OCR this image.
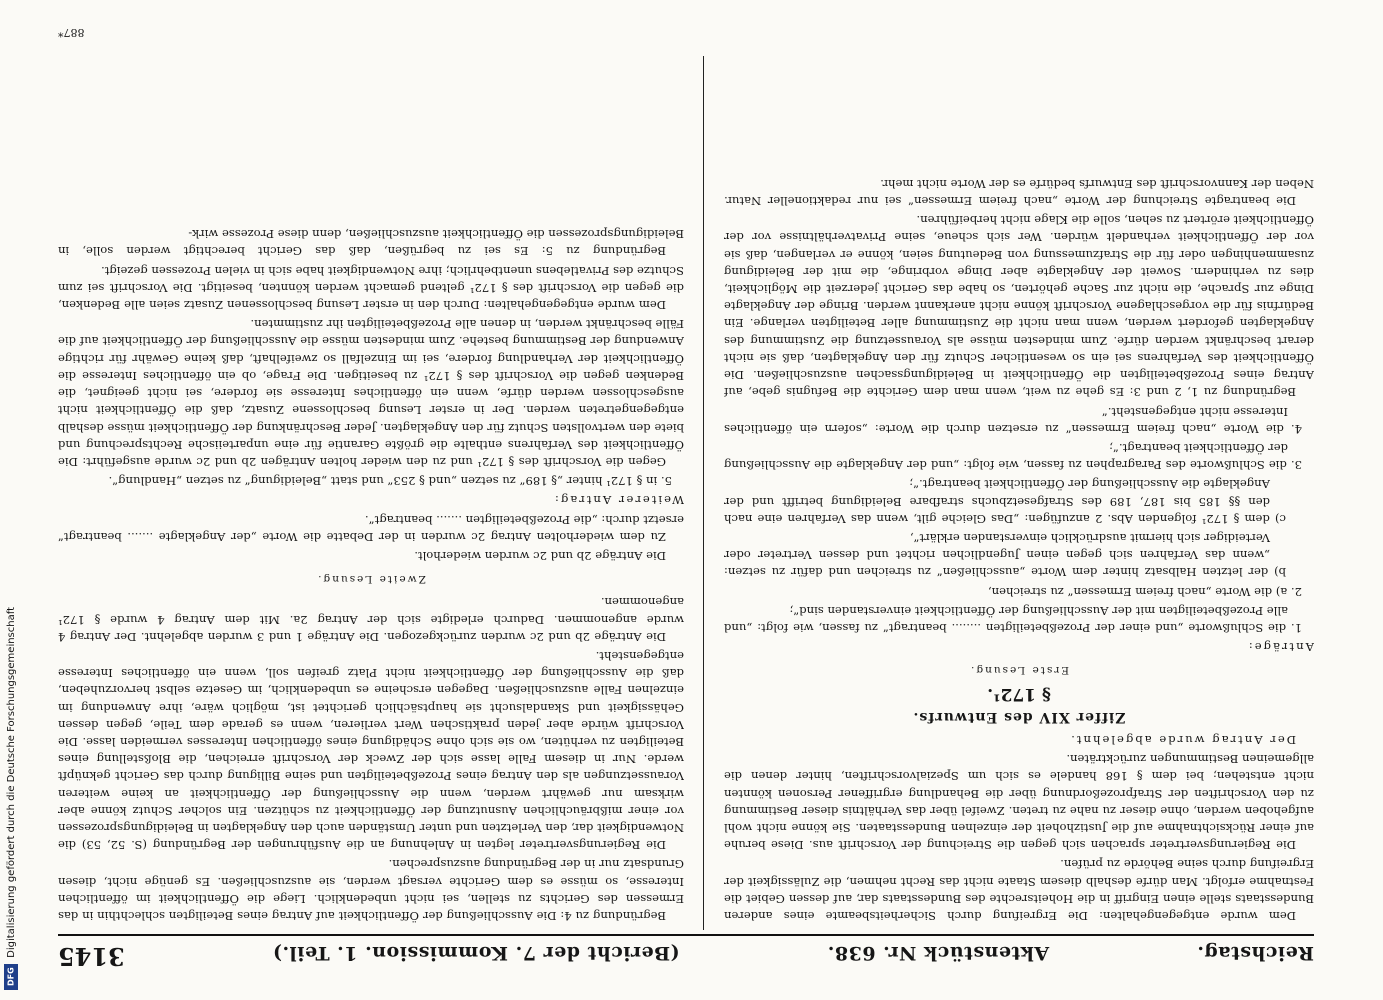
DFG
Digitalisierung gefördert durch die Deutsche Forschungsgemeinschaft	Reichstag.
Aktenstück Nr. 638.
(Bericht der 7. Kommission. 1. Teil.)
3145

Dem wurde entgegengehalten: Die Ergreifung durch Sicherheitsbeamte eines anderen Bundesstaats stelle einen Eingriff in die Hoheitsrechte des Bundesstaats dar, auf dessen Gebiet die Festnahme erfolgt. Man dürfe deshalb diesem Staate nicht das Recht nehmen, die Zulässigkeit der Ergreifung durch seine Behörde zu prüfen.

Die Regierungsvertreter sprachen sich gegen die Streichung der Vorschrift aus. Diese beruhe auf einer Rücksichtnahme auf die Justizhoheit der einzelnen Bundesstaaten. Sie könne nicht wohl aufgehoben werden, ohne dieser zu nahe zu treten. Zweifel über das Verhältnis dieser Bestimmung zu den Vorschriften der Strafprozeßordnung über die Behandlung ergriffener Personen könnten nicht entstehen; bei dem § 168 handele es sich um Spezialvorschriften, hinter denen die allgemeinen Bestimmungen zurückträten.

Der Antrag wurde abgelehnt.

Ziffer XIV des Entwurfs.

§ 172¹.

Erste Lesung.

Anträge:

1. die Schlußworte „und einer der Prozeßbeteiligten ........ beantragt“ zu fassen, wie folgt: „und alle Prozeßbeteiligten mit der Ausschließung der Öffentlichkeit einverstanden sind“;

2. a) die Worte „nach freiem Ermessen“ zu streichen,

b) der letzten Halbsatz hinter dem Worte „ausschließen“ zu streichen und dafür zu setzen: „wenn das Verfahren sich gegen einen Jugendlichen richtet und dessen Vertreter oder Verteidiger sich hiermit ausdrücklich einverstanden erklärt“,

c) dem § 172¹ folgenden Abs. 2 anzufügen: „Das Gleiche gilt, wenn das Verfahren eine nach den §§ 185 bis 187, 189 des Strafgesetzbuchs strafbare Beleidigung betrifft und der Angeklagte die Ausschließung der Öffentlichkeit beantragt.“;

3. die Schlußworte des Paragraphen zu fassen, wie folgt: „und der Angeklagte die Ausschließung der Öffentlichkeit beantragt.“;

4. die Worte „nach freiem Ermessen“ zu ersetzen durch die Worte: „sofern ein öffentliches Interesse nicht entgegensteht.“

Begründung zu 1, 2 und 3: Es gehe zu weit, wenn man dem Gerichte die Befugnis gebe, auf Antrag eines Prozeßbeteiligten die Öffentlichkeit in Beleidigungssachen auszuschließen. Die Öffentlichkeit des Verfahrens sei ein so wesentlicher Schutz für den Angeklagten, daß sie nicht derart beschränkt werden dürfe. Zum mindesten müsse als Voraussetzung die Zustimmung des Angeklagten gefordert werden, wenn man nicht die Zustimmung aller Beteiligten verlange. Ein Bedürfnis für die vorgeschlagene Vorschrift könne nicht anerkannt werden. Bringe der Angeklagte Dinge zur Sprache, die nicht zur Sache gehörten, so habe das Gericht jederzeit die Möglichkeit, dies zu verhindern. Soweit der Angeklagte aber Dinge vorbringe, die mit der Beleidigung zusammenhingen oder für die Strafzumessung von Bedeutung seien, könne er verlangen, daß sie vor der Öffentlichkeit verhandelt würden. Wer sich scheue, seine Privatverhältnisse vor der Öffentlichkeit erörtert zu sehen, solle die Klage nicht herbeiführen.

Die beantragte Streichung der Worte „nach freiem Ermessen“ sei nur redaktioneller Natur. Neben der Kannvorschrift des Entwurfs bedürfe es der Worte nicht mehr.

Begründung zu 4: Die Ausschließung der Öffentlichkeit auf Antrag eines Beteiligten schlechthin in das Ermessen des Gerichts zu stellen, sei nicht unbedenklich. Liege die Öffentlichkeit im öffentlichen Interesse, so müsse es dem Gerichte versagt werden, sie auszuschließen. Es genüge nicht, diesen Grundsatz nur in der Begründung auszusprechen.

Die Regierungsvertreter legten in Anlehnung an die Ausführungen der Begründung (S. 52, 53) die Notwendigkeit dar, den Verletzten und unter Umständen auch den Angeklagten in Beleidigungsprozessen vor einer mißbräuchlichen Ausnutzung der Öffentlichkeit zu schützen. Ein solcher Schutz könne aber wirksam nur gewährt werden, wenn die Ausschließung der Öffentlichkeit an keine weiteren Voraussetzungen als den Antrag eines Prozeßbeteiligten und seine Billigung durch das Gericht geknüpft werde. Nur in diesem Falle lasse sich der Zweck der Vorschrift erreichen, die Bloßstellung eines Beteiligten zu verhüten, wo sie sich ohne Schädigung eines öffentlichen Interesses vermeiden lasse. Die Vorschrift würde aber jeden praktischen Wert verlieren, wenn es gerade dem Teile, gegen dessen Gehässigkeit und Skandalsucht sie hauptsächlich gerichtet ist, möglich wäre, ihre Anwendung im einzelnen Falle auszuschließen. Dagegen erscheine es unbedenklich, im Gesetze selbst hervorzuheben, daß die Ausschließung der Öffentlichkeit nicht Platz greifen soll, wenn ein öffentliches Interesse entgegensteht.

Die Anträge 2b und 2c wurden zurückgezogen. Die Anträge 1 und 3 wurden abgelehnt. Der Antrag 4 wurde angenommen. Dadurch erledigte sich der Antrag 2a. Mit dem Antrag 4 wurde § 172¹ angenommen.

Zweite Lesung.

Die Anträge 2b und 2c wurden wiederholt.

Zu dem wiederholten Antrag 2c wurden in der Debatte die Worte „der Angeklagte ....... beantragt“ ersetzt durch: „die Prozeßbeteiligten ....... beantragt“.

Weiterer Antrag:

5. in § 172¹ hinter „§ 189“ zu setzen „und § 253“ und statt „Beleidigung“ zu setzen „Handlung“.

Gegen die Vorschrift des § 172¹ und zu den wieder holten Anträgen 2b und 2c wurde ausgeführt: Die Öffentlichkeit des Verfahrens enthalte die größte Garantie für eine unparteiische Rechtsprechung und biete den wertvollsten Schutz für den Angeklagten. Jeder Beschränkung der Öffentlichkeit müsse deshalb entgegengetreten werden. Der in erster Lesung beschlossene Zusatz, daß die Öffentlichkeit nicht ausgeschlossen werden dürfe, wenn ein öffentliches Interesse sie fordere, sei nicht geeignet, die Bedenken gegen die Vorschrift des § 172¹ zu beseitigen. Die Frage, ob ein öffentliches Interesse die Öffentlichkeit der Verhandlung fordere, sei im Einzelfall so zweifelhaft, daß keine Gewähr für richtige Anwendung der Bestimmung bestehe. Zum mindesten müsse die Ausschließung der Öffentlichkeit auf die Fälle beschränkt werden, in denen alle Prozeßbeteiligten ihr zustimmten.

Dem wurde entgegengehalten: Durch den in erster Lesung beschlossenen Zusatz seien alle Bedenken, die gegen die Vorschrift des § 172¹ geltend gemacht werden könnten, beseitigt. Die Vorschrift sei zum Schutze des Privatlebens unentbehrlich; ihre Notwendigkeit habe sich in vielen Prozessen gezeigt.

Begründung zu 5: Es sei zu begrüßen, daß das Gericht berechtigt werden solle, in Beleidigungsprozessen die Öffentlichkeit auszuschließen, denn diese Prozesse wirk-

887*
